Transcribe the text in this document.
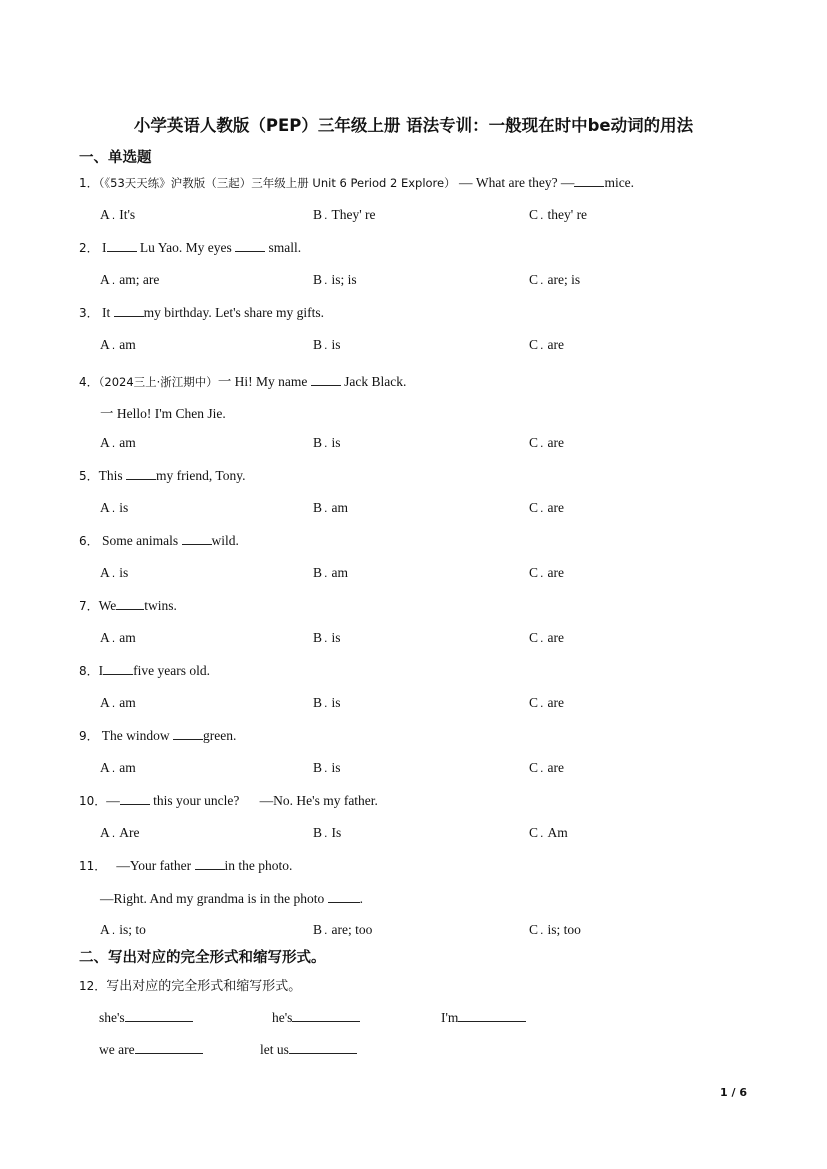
小学英语人教版（PEP）三年级上册 语法专训：一般现在时中be动词的用法
一、单选题
1．（《53天天练》沪教版（三起）三年级上册 Unit 6 Period 2 Explore） — What are they? — mice.
A . It's	B . They' re	C . they' re
2． I Lu Yao. My eyes	small.
A . am; are	B . is; is	C . are; is
3． It my birthday. Let's share my gifts.
A . am	B . is	C . are
4．（2024三上·浙江期中）一 Hi! My name	Jack Black.
一 Hello! I'm Chen Jie.
A . am	B . is	C . are
5．This my friend, Tony.
A . is	B . am	C . are
6． Some animals wild.
A . is	B . am	C . are
7．We twins.
A . am	B . is	C . are
8．I five years old.
A . am	B . is	C . are
9． The window green.
A . am	B . is	C . are
10．— this your uncle? —No. He's my father.
A . Are	B . Is	C . Am
11． —Your father in the photo.
—Right. And my grandma is in the photo	.
A . is; to	B . are; too	C . is; too
二、写出对应的完全形式和缩写形式。
12．写出对应的完全形式和缩写形式。
she's	he's	I'm
we are	let us
1 / 6
